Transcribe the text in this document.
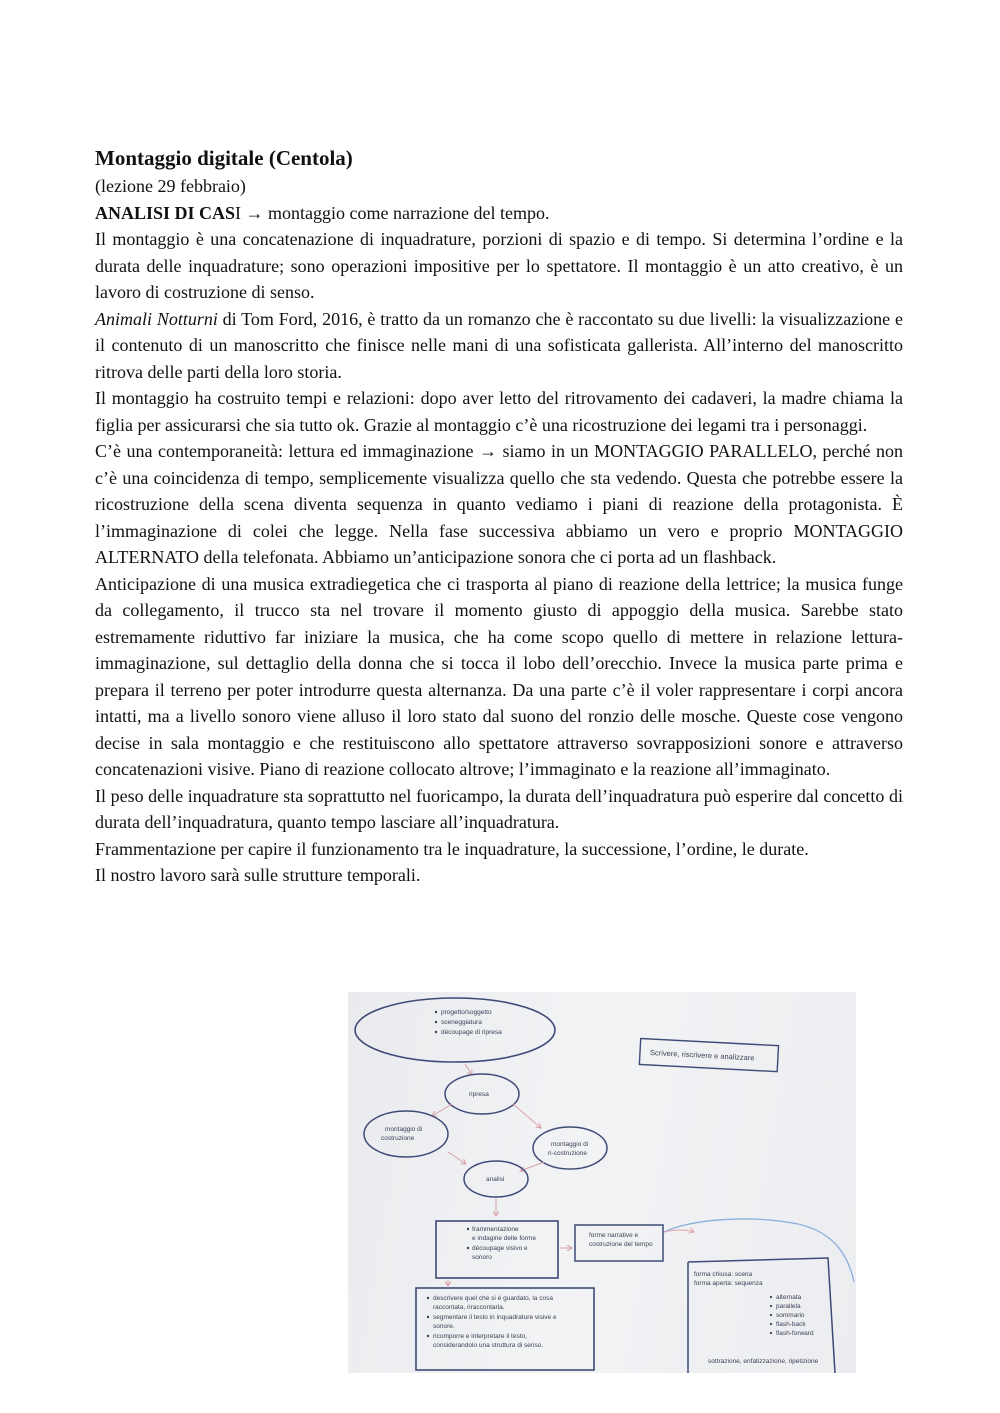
Montaggio digitale (Centola)

(lezione 29 febbraio)

ANALISI DI CASI → montaggio come narrazione del tempo.

Il montaggio è una concatenazione di inquadrature, porzioni di spazio e di tempo. Si determina l’ordine e la durata delle inquadrature; sono operazioni impositive per lo spettatore. Il montaggio è un atto creativo, è un lavoro di costruzione di senso.

Animali Notturni di Tom Ford, 2016, è tratto da un romanzo che è raccontato su due livelli: la visualizzazione e il contenuto di un manoscritto che finisce nelle mani di una sofisticata gallerista. All’interno del manoscritto ritrova delle parti della loro storia.

Il montaggio ha costruito tempi e relazioni: dopo aver letto del ritrovamento dei cadaveri, la madre chiama la figlia per assicurarsi che sia tutto ok. Grazie al montaggio c’è una ricostruzione dei legami tra i personaggi.

C’è una contemporaneità: lettura ed immaginazione → siamo in un MONTAGGIO PARALLELO, perché non c’è una coincidenza di tempo, semplicemente visualizza quello che sta vedendo. Questa che potrebbe essere la ricostruzione della scena diventa sequenza in quanto vediamo i piani di reazione della protagonista. È l’immaginazione di colei che legge. Nella fase successiva abbiamo un vero e proprio MONTAGGIO ALTERNATO della telefonata. Abbiamo un’anticipazione sonora che ci porta ad un flashback.

Anticipazione di una musica extradiegetica che ci trasporta al piano di reazione della lettrice; la musica funge da collegamento, il trucco sta nel trovare il momento giusto di appoggio della musica. Sarebbe stato estremamente riduttivo far iniziare la musica, che ha come scopo quello di mettere in relazione lettura-immaginazione, sul dettaglio della donna che si tocca il lobo dell’orecchio. Invece la musica parte prima e prepara il terreno per poter introdurre questa alternanza. Da una parte c’è il voler rappresentare i corpi ancora intatti, ma a livello sonoro viene alluso il loro stato dal suono del ronzio delle mosche. Queste cose vengono decise in sala montaggio e che restituiscono allo spettatore attraverso sovrapposizioni sonore e attraverso concatenazioni visive. Piano di reazione collocato altrove; l’immaginato e la reazione all’immaginato.

Il peso delle inquadrature sta soprattutto nel fuoricampo, la durata dell’inquadratura può esperire dal concetto di durata dell’inquadratura, quanto tempo lasciare all’inquadratura.

Frammentazione per capire il funzionamento tra le inquadrature, la successione, l’ordine, le durate.

Il nostro lavoro sarà sulle strutture temporali.

progetto/soggetto
sceneggiatura
découpage di ripresa
Scrivere, riscrivere e analizzare
ripresa
montaggio di
costruzione
montaggio di
ri-costruzione
analisi
frammentazione
e indagine delle forme
découpage visivo e
sonoro
forme narrative e
costruzione del tempo
descrivere quel che si è guardato, la cosa
raccontata, riraccontarla.
segmentare il testo in inquadrature visive e
sonore.
ricomporre e interpretare il testo,
considerandolo una struttura di senso.
forma chiusa: scena
forma aperta: sequenza
alternata
parallela
sommario
flash-back
flash-forward
sottrazione, enfatizzazione, ripetizione
